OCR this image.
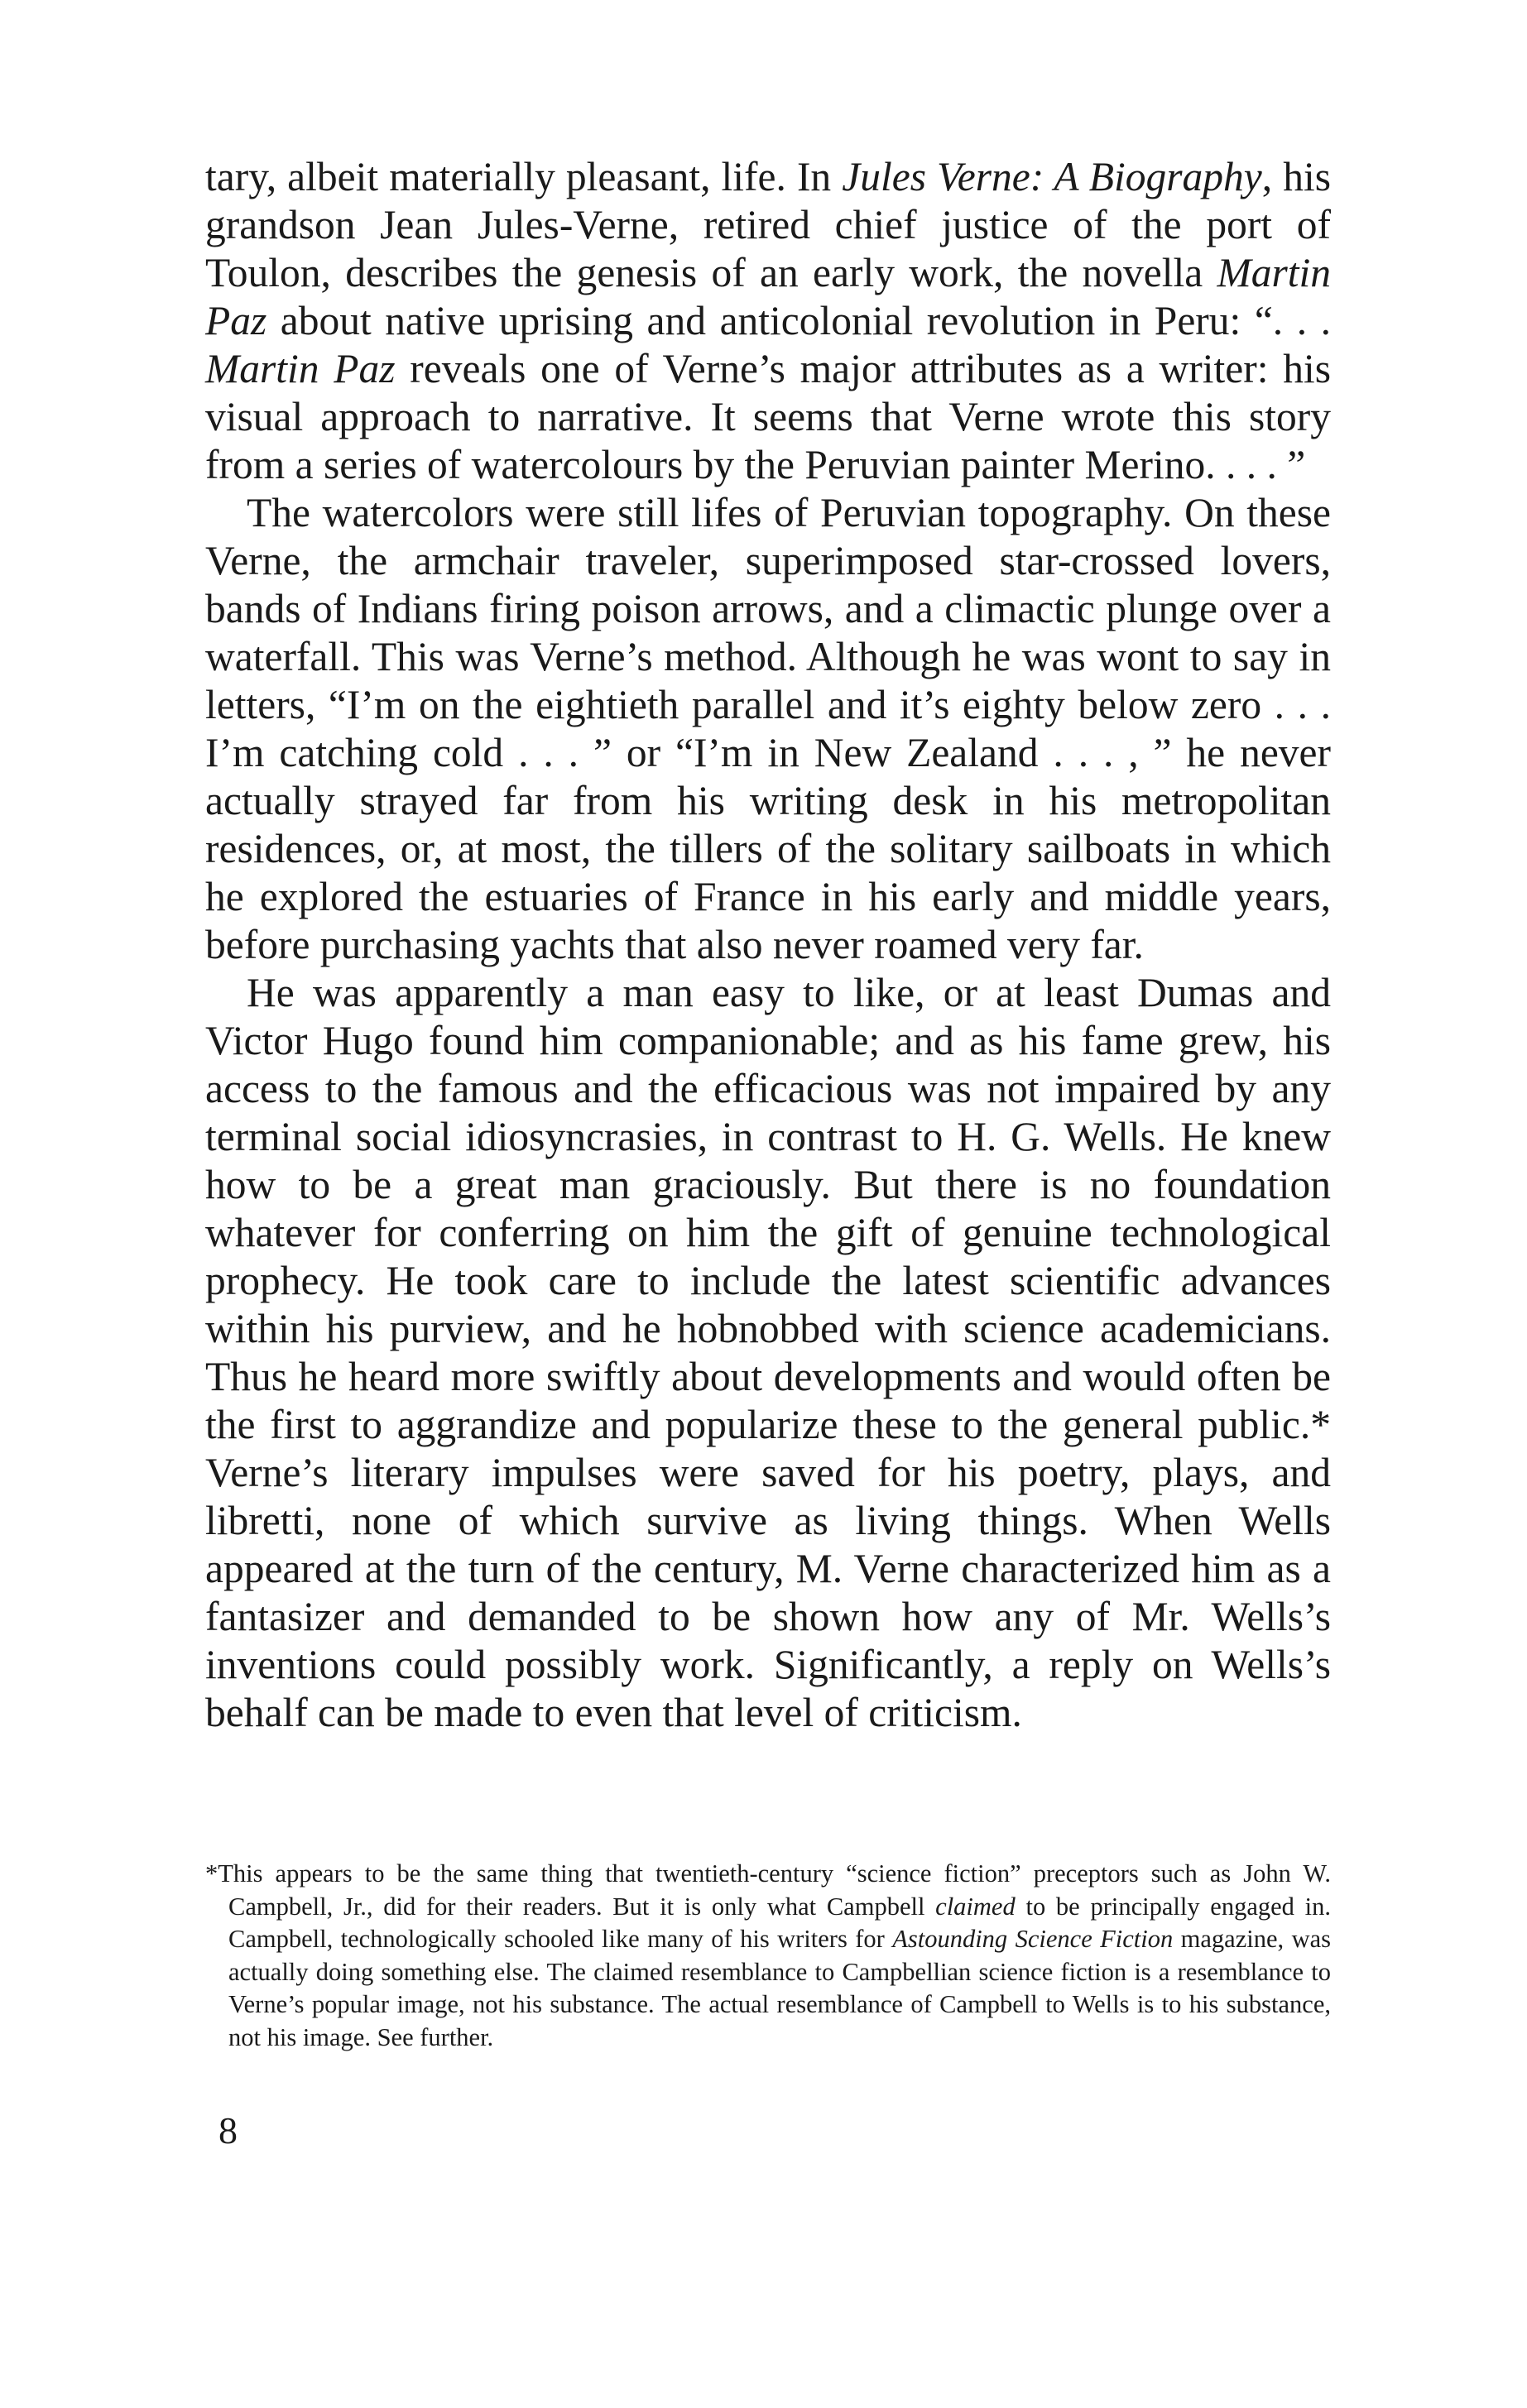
tary, albeit materially pleasant, life. In Jules Verne: A Biography, his grandson Jean Jules-Verne, retired chief justice of the port of Toulon, describes the genesis of an early work, the novella Martin Paz about native uprising and anticolonial revolution in Peru: “. . . Martin Paz reveals one of Verne’s major attributes as a writer: his visual approach to narrative. It seems that Verne wrote this story from a series of watercolours by the Peruvian painter Merino. . . . ”

The watercolors were still lifes of Peruvian topography. On these Verne, the armchair traveler, superimposed star-crossed lovers, bands of Indians firing poison arrows, and a climactic plunge over a waterfall. This was Verne’s method. Although he was wont to say in letters, “I’m on the eightieth parallel and it’s eighty below zero . . . I’m catching cold . . . ” or “I’m in New Zealand . . . , ” he never actually strayed far from his writing desk in his metropolitan residences, or, at most, the tillers of the solitary sailboats in which he explored the estuaries of France in his early and middle years, before purchasing yachts that also never roamed very far.

He was apparently a man easy to like, or at least Dumas and Victor Hugo found him companionable; and as his fame grew, his access to the famous and the efficacious was not impaired by any terminal social idiosyncrasies, in contrast to H. G. Wells. He knew how to be a great man graciously. But there is no foundation whatever for conferring on him the gift of genuine technological prophecy. He took care to include the latest scientific advances within his purview, and he hobnobbed with science academicians. Thus he heard more swiftly about developments and would often be the first to aggrandize and popularize these to the general public.* Verne’s literary impulses were saved for his poetry, plays, and libretti, none of which survive as living things. When Wells appeared at the turn of the century, M. Verne characterized him as a fantasizer and demanded to be shown how any of Mr. Wells’s inventions could possibly work. Significantly, a reply on Wells’s behalf can be made to even that level of criticism.

*This appears to be the same thing that twentieth-century “science fiction” preceptors such as John W. Campbell, Jr., did for their readers. But it is only what Campbell claimed to be principally engaged in. Campbell, technologically schooled like many of his writers for Astounding Science Fiction magazine, was actually doing something else. The claimed resemblance to Campbellian science fiction is a resemblance to Verne’s popular image, not his substance. The actual resemblance of Campbell to Wells is to his substance, not his image. See further.

8
